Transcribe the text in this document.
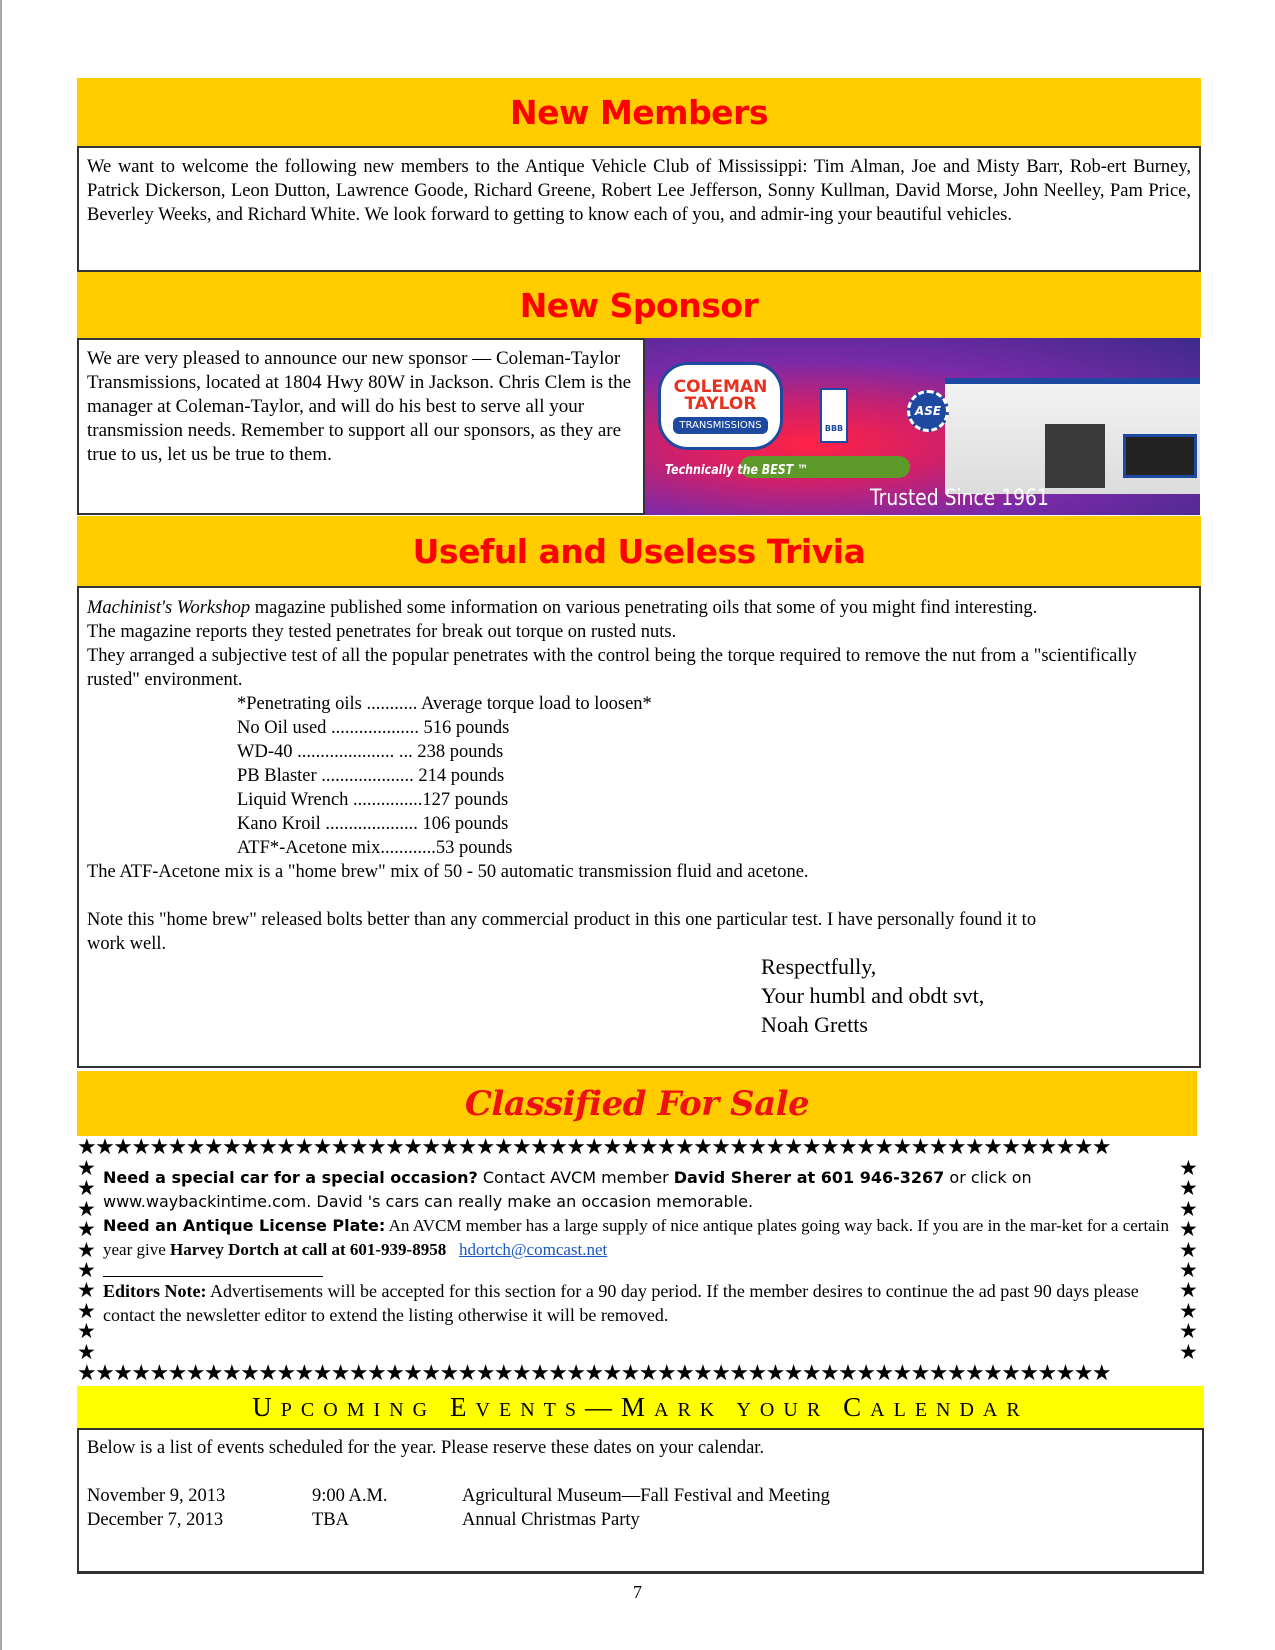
New Members

We want to welcome the following new members to the Antique Vehicle Club of Mississippi: Tim Alman, Joe and Misty Barr, Rob-ert Burney, Patrick Dickerson, Leon Dutton, Lawrence Goode, Richard Greene, Robert Lee Jefferson, Sonny Kullman, David Morse, John Neelley, Pam Price, Beverley Weeks, and Richard White. We look forward to getting to know each of you, and admir-ing your beautiful vehicles.

New Sponsor

We are very pleased to announce our new sponsor — Coleman-Taylor Transmissions, located at 1804 Hwy 80W in Jackson. Chris Clem is the manager at Coleman-Taylor, and will do his best to serve all your transmission needs. Remember to support all our sponsors, as they are true to us, let us be true to them.

COLEMAN
TAYLOR
TRANSMISSIONS	BBB
ASE
Technically the BEST ™
Trusted Since 1961
Useful and Useless Trivia

Machinist's Workshop magazine published some information on various penetrating oils that some of you might find interesting.

The magazine reports they tested penetrates for break out torque on rusted nuts.

They arranged a subjective test of all the popular penetrates with the control being the torque required to remove the nut from a "scientifically rusted" environment.

*Penetrating oils ........... Average torque load to loosen*

No Oil used ................... 516 pounds

WD-40 ..................... ... 238 pounds

PB Blaster .................... 214 pounds

Liquid Wrench ...............127 pounds

Kano Kroil .................... 106 pounds

ATF*-Acetone mix............53 pounds

The ATF-Acetone mix is a "home brew" mix of 50 - 50 automatic transmission fluid and acetone.

Note this "home brew" released bolts better than any commercial product in this one particular test. I have personally found it to work well.

Respectfully,
Your humbl and obdt svt,
Noah Gretts
Classified For Sale
★★★★★★★★★★★★★★★★★★★★★★★★★★★★★★★★★★★★★★★★★★★★★★★★★★★★★★★★★
★
★
★
★
★
★
★
★
★
★
★
★
★
★
★
★
★
★
★
★
★★★★★★★★★★★★★★★★★★★★★★★★★★★★★★★★★★★★★★★★★★★★★★★★★★★★★★★★★

Need a special car for a special occasion? Contact AVCM member David Sherer at 601 946-3267 or click on www.waybackintime.com. David 's cars can really make an occasion memorable.

Need an Antique License Plate: An AVCM member has a large supply of nice antique plates going way back. If you are in the mar-ket for a certain year give Harvey Dortch at call at 601-939-8958 hdortch@comcast.net

Editors Note: Advertisements will be accepted for this section for a 90 day period. If the member desires to continue the ad past 90 days please contact the newsletter editor to extend the listing otherwise it will be removed.

UPCOMING EVENTS—MARK YOUR CALENDAR

Below is a list of events scheduled for the year. Please reserve these dates on your calendar.

November 9, 2013	9:00 A.M.	Agricultural Museum—Fall Festival and Meeting
December 7, 2013	TBA	Annual Christmas Party
7
